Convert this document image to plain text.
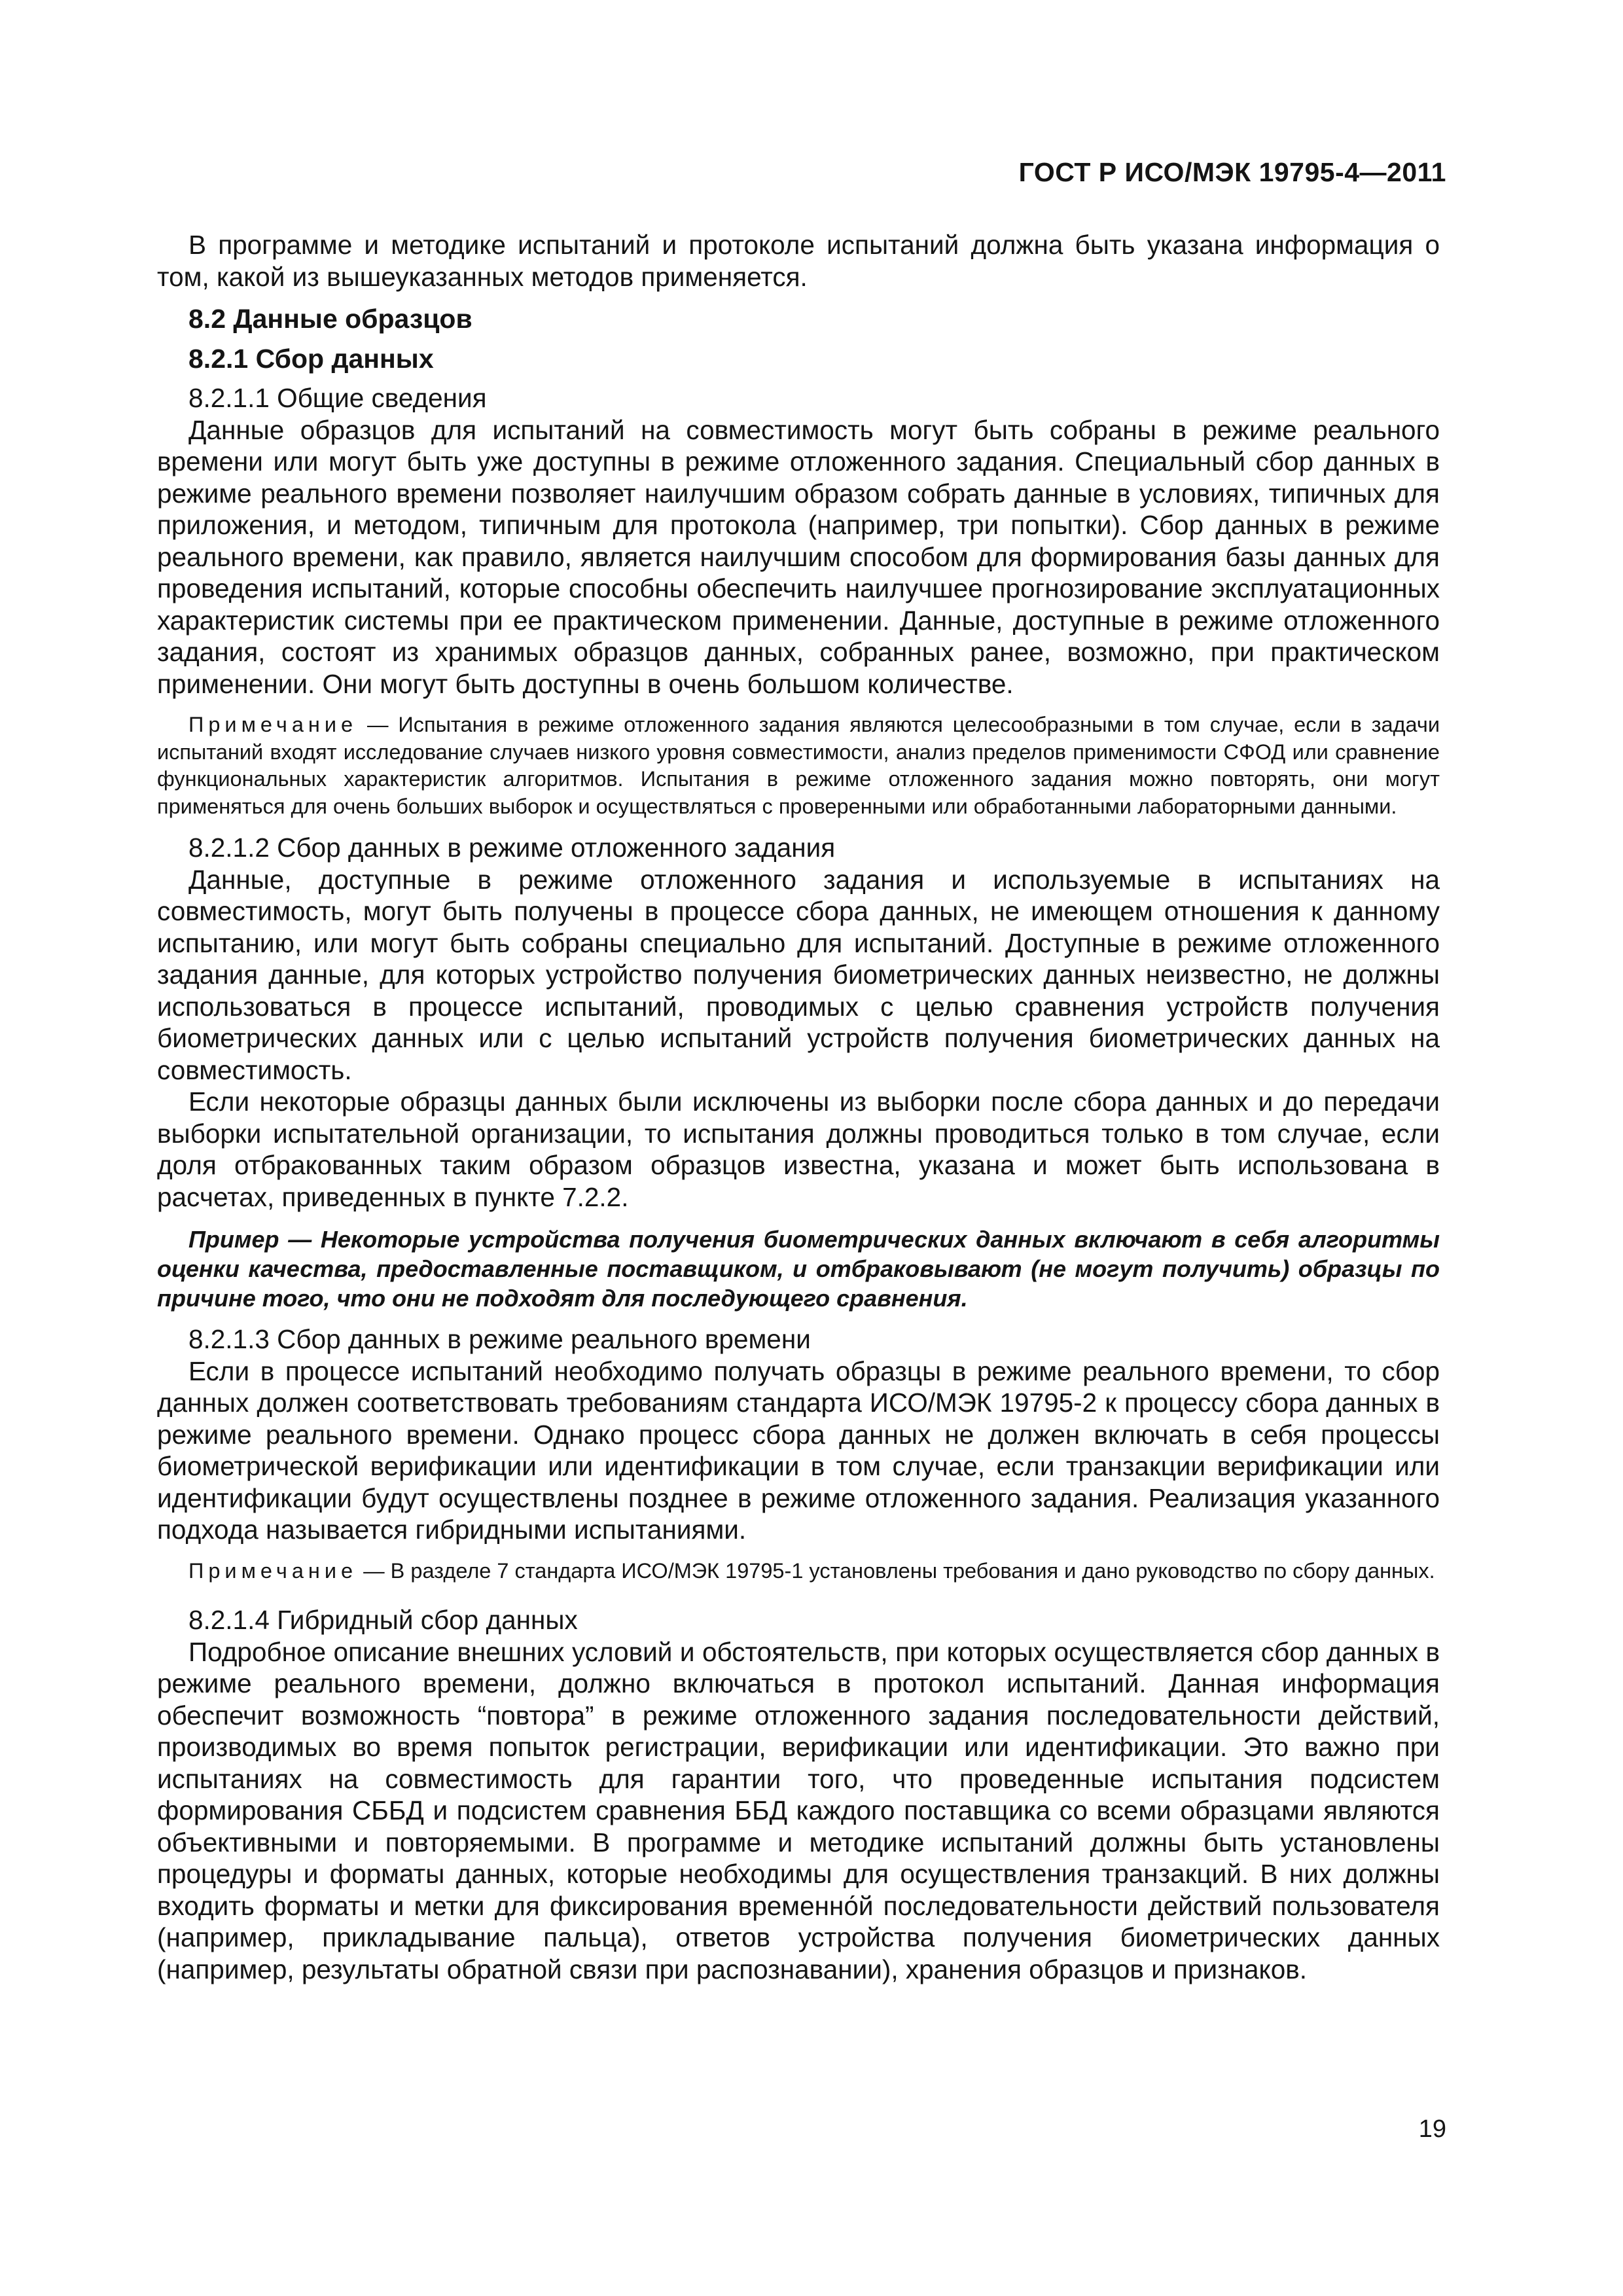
ГОСТ Р ИСО/МЭК 19795-4—2011

В программе и методике испытаний и протоколе испытаний должна быть указана информация о том, какой из вышеуказанных методов применяется.

8.2 Данные образцов

8.2.1 Сбор данных

8.2.1.1 Общие сведения

Данные образцов для испытаний на совместимость могут быть собраны в режиме реального времени или могут быть уже доступны в режиме отложенного задания. Специальный сбор данных в режиме реального времени позволяет наилучшим образом собрать данные в условиях, типичных для приложения, и методом, типичным для протокола (например, три попытки). Сбор данных в режиме реального времени, как правило, является наилучшим способом для формирования базы данных для проведения испытаний, которые способны обеспечить наилучшее прогнозирование эксплуатационных характеристик системы при ее практическом применении. Данные, доступные в режиме отложенного задания, состоят из хранимых образцов данных, собранных ранее, возможно, при практическом применении. Они могут быть доступны в очень большом количестве.

Примечание — Испытания в режиме отложенного задания являются целесообразными в том случае, если в задачи испытаний входят исследование случаев низкого уровня совместимости, анализ пределов применимости СФОД или сравнение функциональных характеристик алгоритмов. Испытания в режиме отложенного задания можно повторять, они могут применяться для очень больших выборок и осуществляться с проверенными или обработанными лабораторными данными.

8.2.1.2 Сбор данных в режиме отложенного задания

Данные, доступные в режиме отложенного задания и используемые в испытаниях на совместимость, могут быть получены в процессе сбора данных, не имеющем отношения к данному испытанию, или могут быть собраны специально для испытаний. Доступные в режиме отложенного задания данные, для которых устройство получения биометрических данных неизвестно, не должны использоваться в процессе испытаний, проводимых с целью сравнения устройств получения биометрических данных или с целью испытаний устройств получения биометрических данных на совместимость.

Если некоторые образцы данных были исключены из выборки после сбора данных и до передачи выборки испытательной организации, то испытания должны проводиться только в том случае, если доля отбракованных таким образом образцов известна, указана и может быть использована в расчетах, приведенных в пункте 7.2.2.

Пример — Некоторые устройства получения биометрических данных включают в себя алгоритмы оценки качества, предоставленные поставщиком, и отбраковывают (не могут получить) образцы по причине того, что они не подходят для последующего сравнения.

8.2.1.3 Сбор данных в режиме реального времени

Если в процессе испытаний необходимо получать образцы в режиме реального времени, то сбор данных должен соответствовать требованиям стандарта ИСО/МЭК 19795-2 к процессу сбора данных в режиме реального времени. Однако процесс сбора данных не должен включать в себя процессы биометрической верификации или идентификации в том случае, если транзакции верификации или идентификации будут осуществлены позднее в режиме отложенного задания. Реализация указанного подхода называется гибридными испытаниями.

Примечание — В разделе 7 стандарта ИСО/МЭК 19795-1 установлены требования и дано руководство по сбору данных.

8.2.1.4 Гибридный сбор данных

Подробное описание внешних условий и обстоятельств, при которых осуществляется сбор данных в режиме реального времени, должно включаться в протокол испытаний. Данная информация обеспечит возможность “повтора” в режиме отложенного задания последовательности действий, производимых во время попыток регистрации, верификации или идентификации. Это важно при испытаниях на совместимость для гарантии того, что проведенные испытания подсистем формирования СББД и подсистем сравнения ББД каждого поставщика со всеми образцами являются объективными и повторяемыми. В программе и методике испытаний должны быть установлены процедуры и форматы данных, которые необходимы для осуществления транзакций. В них должны входить форматы и метки для фиксирования временно́й последовательности действий пользователя (например, прикладывание пальца), ответов устройства получения биометрических данных (например, результаты обратной связи при распознавании), хранения образцов и признаков.

19
